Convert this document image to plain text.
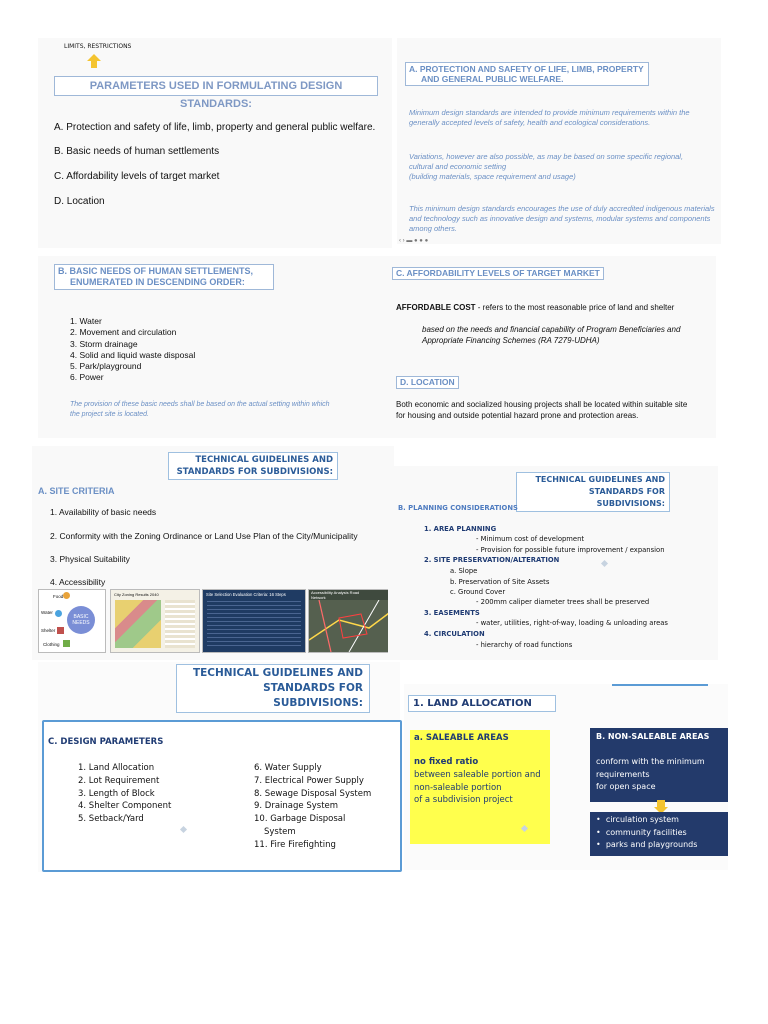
LIMITS, RESTRICTIONS
PARAMETERS USED IN FORMULATING DESIGN STANDARDS:
A. Protection and safety of life, limb, property and general public welfare.
B. Basic needs of human settlements
C. Affordability levels of target market
D. Location
A. PROTECTION AND SAFETY OF LIFE, LIMB, PROPERTY
AND GENERAL PUBLIC WELFARE.
Minimum design standards are intended to provide minimum requirements within the generally accepted levels of safety, health and ecological considerations.
Variations, however are also possible, as may be based on some specific regional, cultural and economic setting
(building materials, space requirement and usage)
This minimum design standards encourages the use of duly accredited indigenous materials and technology such as innovative design and systems, modular systems and components among others.
‹ › ▬ ● ● ●
B. BASIC NEEDS OF HUMAN SETTLEMENTS,
ENUMERATED IN DESCENDING ORDER:
1. Water
2. Movement and circulation
3. Storm drainage
4. Solid and liquid waste disposal
5. Park/playground
6. Power
The provision of these basic needs shall be based on the actual setting within which the project site is located.
C. AFFORDABILITY LEVELS OF TARGET MARKET
AFFORDABLE COST - refers to the most reasonable price of land and shelter
based on the needs and financial capability of Program Beneficiaries and Appropriate Financing Schemes (RA 7279-UDHA)
D. LOCATION
Both economic and socialized housing projects shall be located within suitable site for housing and outside potential hazard prone and protection areas.
TECHNICAL GUIDELINES AND
STANDARDS FOR SUBDIVISIONS:
A. SITE CRITERIA
1. Availability of basic needs
2. Conformity with the Zoning Ordinance or Land Use Plan of the City/Municipality
3. Physical Suitability
4. Accessibility
BASIC
NEEDS
Food
Water
Shelter
Clothing
City Zoning Results 2040	Site Selection Evaluation Criteria: 16 Steps	Accessibility Analysis Road Network
TECHNICAL GUIDELINES AND
STANDARDS FOR SUBDIVISIONS:
B. PLANNING CONSIDERATIONS
1. AREA PLANNING
- Minimum cost of development
- Provision for possible future improvement / expansion
2. SITE PRESERVATION/ALTERATION
a. Slope
b. Preservation of Site Assets
c. Ground Cover
- 200mm caliper diameter trees shall be preserved
3. EASEMENTS
- water, utilities, right-of-way, loading & unloading areas
4. CIRCULATION
- hierarchy of road functions
TECHNICAL GUIDELINES AND
STANDARDS FOR SUBDIVISIONS:
C. DESIGN PARAMETERS
1. Land Allocation
2. Lot Requirement
3. Length of Block
4. Shelter Component
5. Setback/Yard
6. Water Supply
7. Electrical Power Supply
8. Sewage Disposal System
9. Drainage System
10. Garbage Disposal
System
11. Fire Firefighting
1. LAND ALLOCATION
a. SALEABLE AREAS
no fixed ratio
between saleable portion and
non-saleable portion
of a subdivision project
B. NON-SALEABLE AREAS
conform with the minimum
requirements
for open space
•  circulation system
•  community facilities
•  parks and playgrounds
